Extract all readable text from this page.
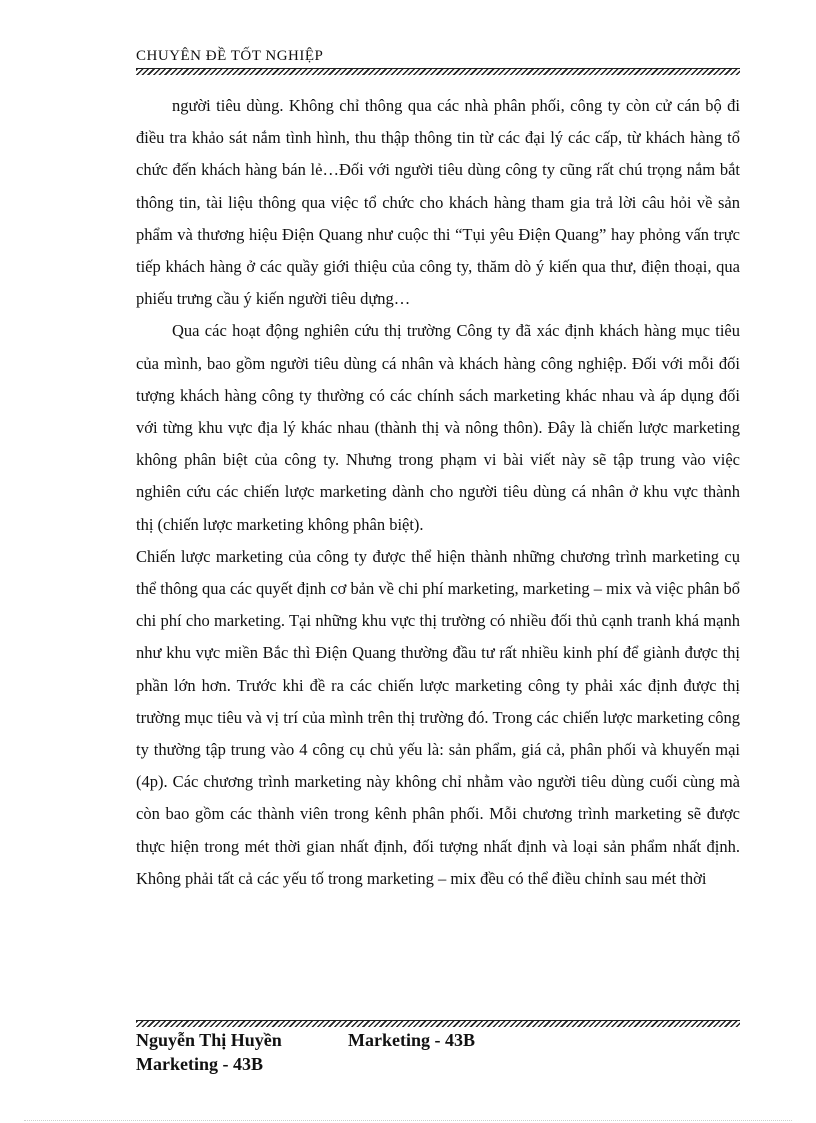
CHUYÊN ĐỀ TỐT NGHIỆP

người tiêu dùng. Không chỉ thông qua các nhà phân phối, công ty còn cử cán bộ đi điều tra khảo sát nắm tình hình, thu thập thông tin từ các đại lý các cấp, từ khách hàng tổ chức đến khách hàng bán lẻ…Đối với người tiêu dùng công ty cũng rất chú trọng nắm bắt thông tin, tài liệu thông qua việc tổ chức cho khách hàng tham gia trả lời câu hỏi về sản phẩm và thương hiệu Điện Quang như cuộc thi “Tụi yêu Điện Quang” hay phỏng vấn trực tiếp khách hàng ở các quầy giới thiệu của công ty, thăm dò ý kiến qua thư, điện thoại, qua phiếu trưng cầu ý kiến người tiêu dựng…

Qua các hoạt động nghiên cứu thị trường Công ty đã xác định khách hàng mục tiêu của mình, bao gồm người tiêu dùng cá nhân và khách hàng công nghiệp. Đối với mỗi đối tượng khách hàng công ty thường có các chính sách marketing khác nhau và áp dụng đối với từng khu vực địa lý khác nhau (thành thị và nông thôn). Đây là chiến lược marketing không phân biệt của công ty. Nhưng trong phạm vi bài viết này sẽ tập trung vào việc nghiên cứu các chiến lược marketing dành cho người tiêu dùng cá nhân ở khu vực thành thị (chiến lược marketing không phân biệt).

Chiến lược marketing của công ty được thể hiện thành những chương trình marketing cụ thể thông qua các quyết định cơ bản về chi phí marketing, marketing – mix và việc phân bổ chi phí cho marketing. Tại những khu vực thị trường có nhiều đối thủ cạnh tranh khá mạnh như khu vực miền Bắc thì Điện Quang thường đầu tư rất nhiều kinh phí để giành được thị phần lớn hơn. Trước khi đề ra các chiến lược marketing công ty phải xác định được thị trường mục tiêu và vị trí của mình trên thị trường đó. Trong các chiến lược marketing công ty thường tập trung vào 4 công cụ chủ yếu là: sản phẩm, giá cả, phân phối và khuyến mại (4p). Các chương trình marketing này không chỉ nhằm vào người tiêu dùng cuối cùng mà còn bao gồm các thành viên trong kênh phân phối. Mỗi chương trình marketing sẽ được thực hiện trong mét thời gian nhất định, đối tượng nhất định và loại sản phẩm nhất định. Không phải tất cả các yếu tố trong marketing – mix đều có thể điều chỉnh sau mét thời

Nguyễn Thị Huyền	Marketing - 43B
Marketing - 43B
